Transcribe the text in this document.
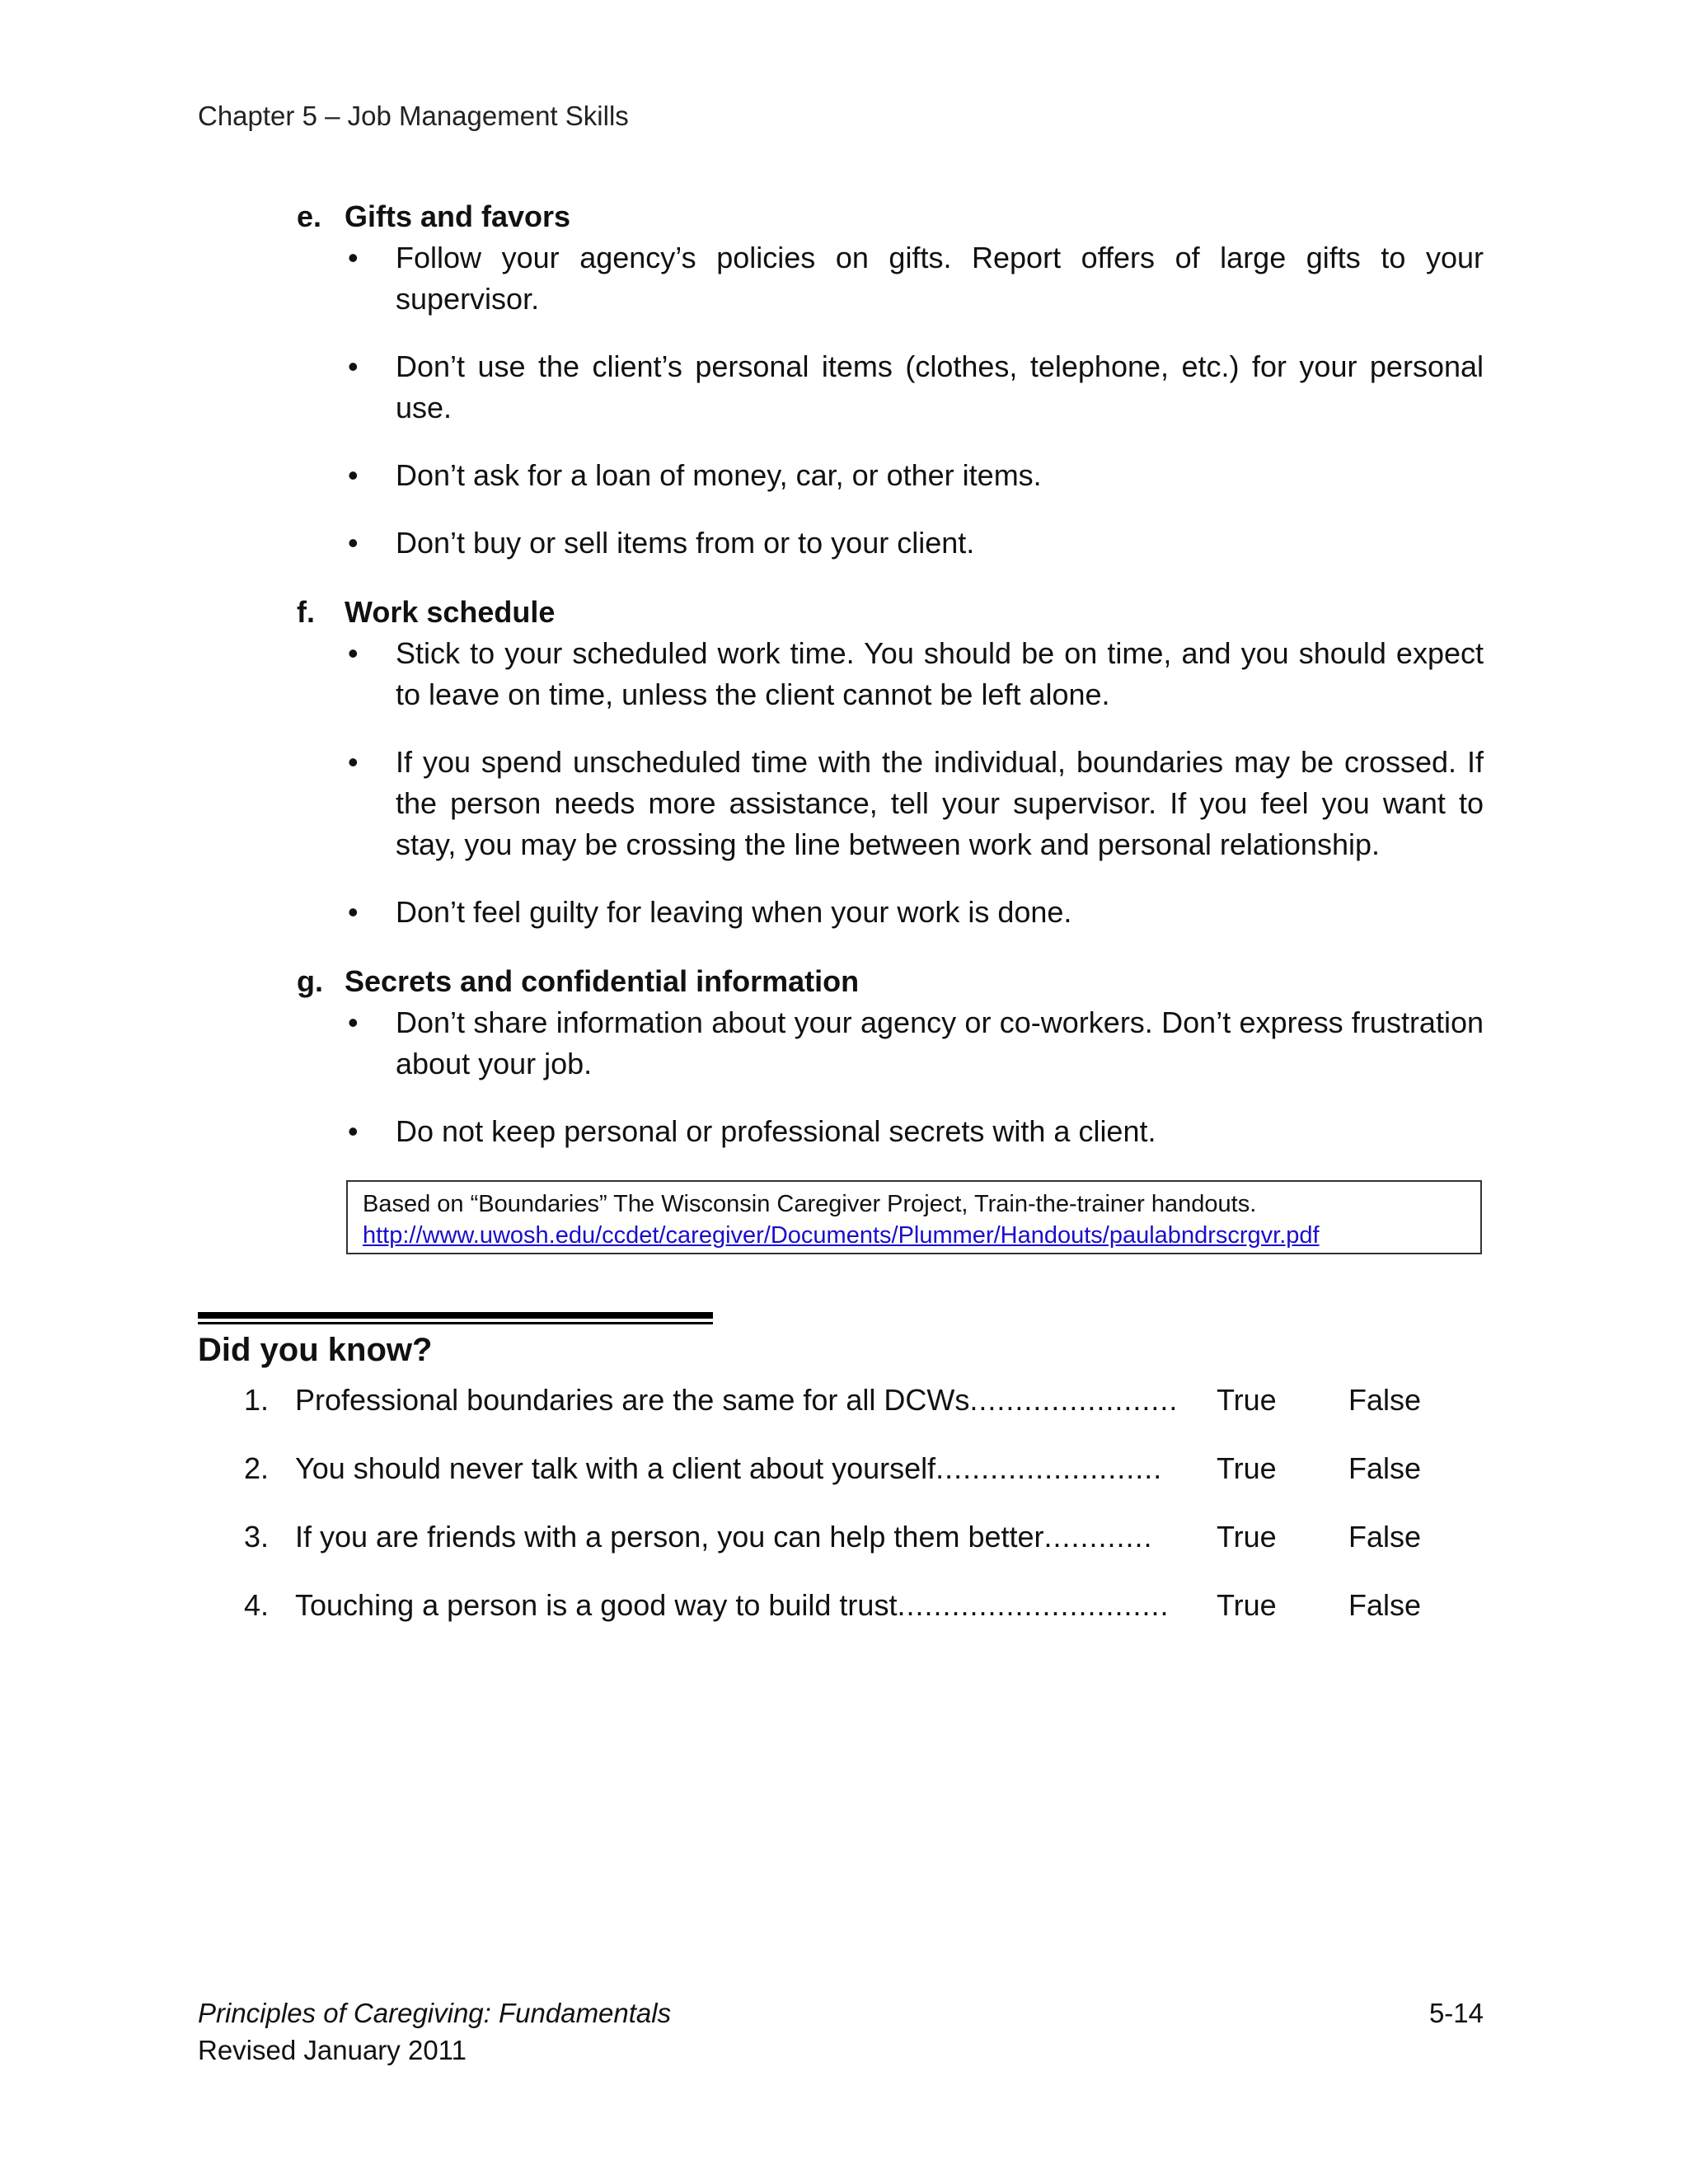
Chapter 5 – Job Management Skills
e. Gifts and favors
• Follow your agency’s policies on gifts. Report offers of large gifts to your supervisor.
• Don’t use the client’s personal items (clothes, telephone, etc.) for your personal use.
• Don’t ask for a loan of money, car, or other items.
• Don’t buy or sell items from or to your client.
f. Work schedule
• Stick to your scheduled work time. You should be on time, and you should expect to leave on time, unless the client cannot be left alone.
• If you spend unscheduled time with the individual, boundaries may be crossed. If the person needs more assistance, tell your supervisor. If you feel you want to stay, you may be crossing the line between work and personal relationship.
• Don’t feel guilty for leaving when your work is done.
g. Secrets and confidential information
• Don’t share information about your agency or co-workers. Don’t express frustration about your job.
• Do not keep personal or professional secrets with a client.
Based on “Boundaries” The Wisconsin Caregiver Project, Train-the-trainer handouts.
http://www.uwosh.edu/ccdet/caregiver/Documents/Plummer/Handouts/paulabndrscrgvr.pdf
Did you know?
1. Professional boundaries are the same for all DCWs....................... True False
2. You should never talk with a client about yourself.........................	True False
3. If you are friends with a person, you can help them better............	True False
4. Touching a person is a good way to build trust..............................	True False
Principles of Caregiving: Fundamentals
Revised January 2011
5-14
